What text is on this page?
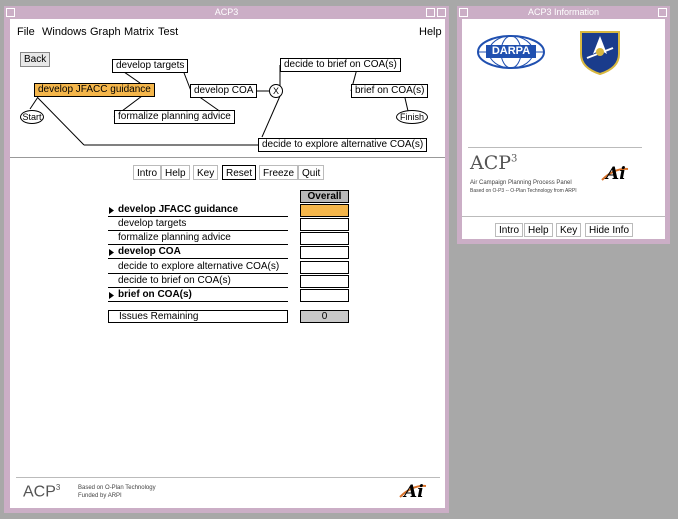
ACP3
File Windows Graph Matrix Test	Help
Back
develop JFACC guidance
develop targets
formalize planning advice
develop COA	X
decide to brief on COA(s)
brief on COA(s)
decide to explore alternative COA(s)
Start	Finish
Intro Help	Key	Reset	Freeze Quit
Overall
develop JFACC guidance
develop targets
formalize planning advice
develop COA
decide to explore alternative COA(s)
decide to brief on COA(s)
brief on COA(s)
Issues Remaining	0
ACP$^3$	Based on O-Plan Technology
Funded by ARPI	Ai
ACP3 Information
DARPA
ACP$^3$
Air Campaign Planning Process Panel
Based on O-P3 -- O-Plan Technology from ARPI
Ai
Intro Help	Key	Hide Info
